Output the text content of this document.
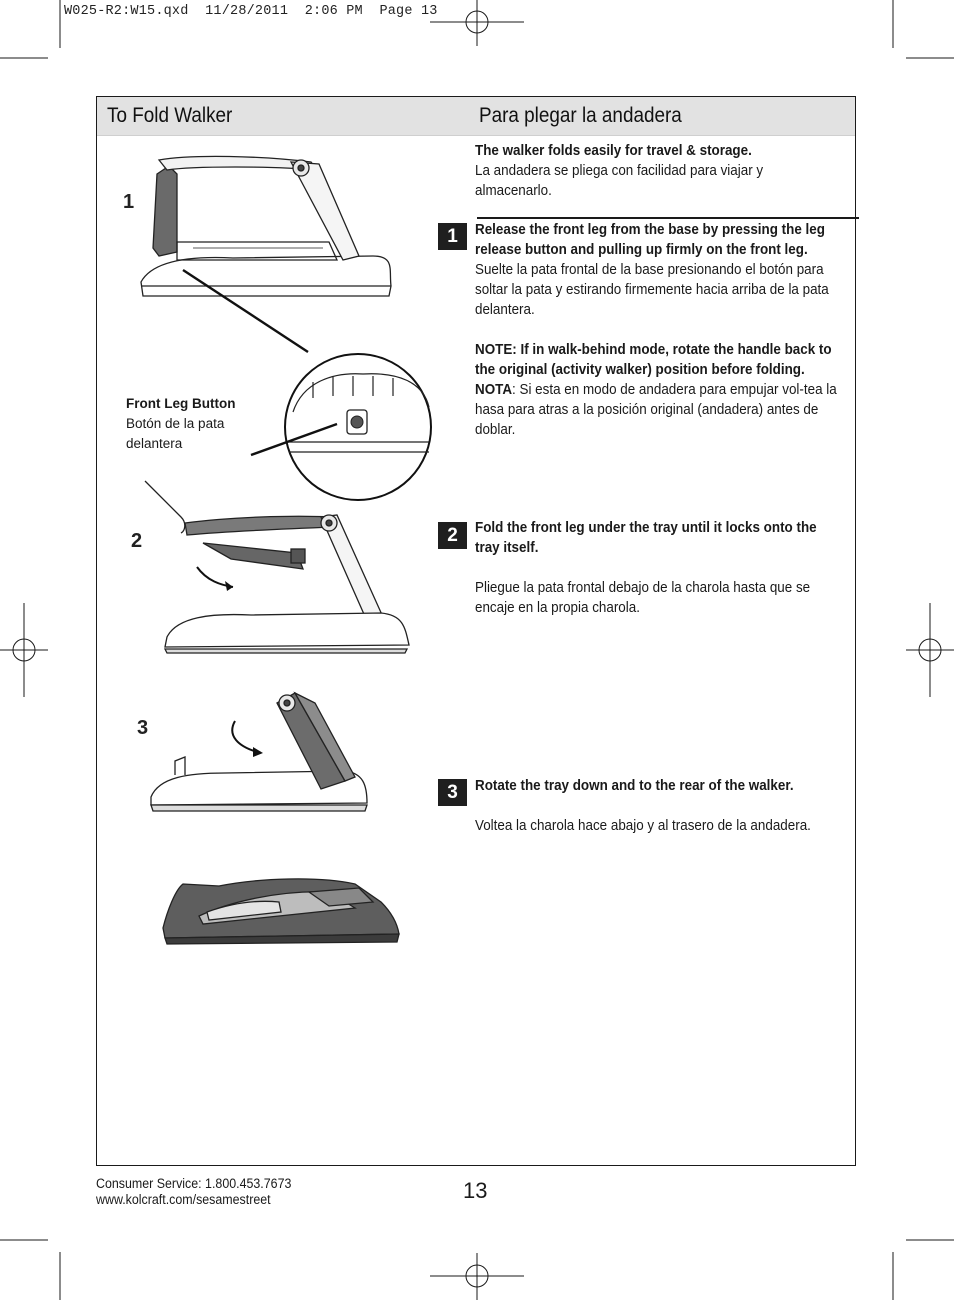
W025-R2:W15.qxd  11/28/2011  2:06 PM  Page 13
To Fold Walker	Para plegar la andadera
The walker folds easily for travel & storage.
La andadera se pliega con facilidad para viajar y almacenarlo.
1	Release the front leg from the base by pressing the leg release button and pulling up firmly on the front leg.
Suelte la pata frontal de la base presionando el botón para soltar la pata y estirando firmemente hacia arriba de la pata delantera.
NOTE: If in walk-behind mode, rotate the handle back to the original (activity walker) position before folding.
NOTA: Si esta en modo de andadera para empujar vol-tea la hasa para atras a la posición original (andadera) antes de doblar.
2	Fold the front leg under the tray until it locks onto the tray itself.
Pliegue la pata frontal debajo de la charola hasta que se encaje en la propia charola.
3	Rotate the tray down and to the rear of the walker.
Voltea la charola hace abajo y al trasero de la andadera.
1
2
3
Front Leg Button
Botón de la pata delantera
Consumer Service: 1.800.453.7673
www.kolcraft.com/sesamestreet	13
